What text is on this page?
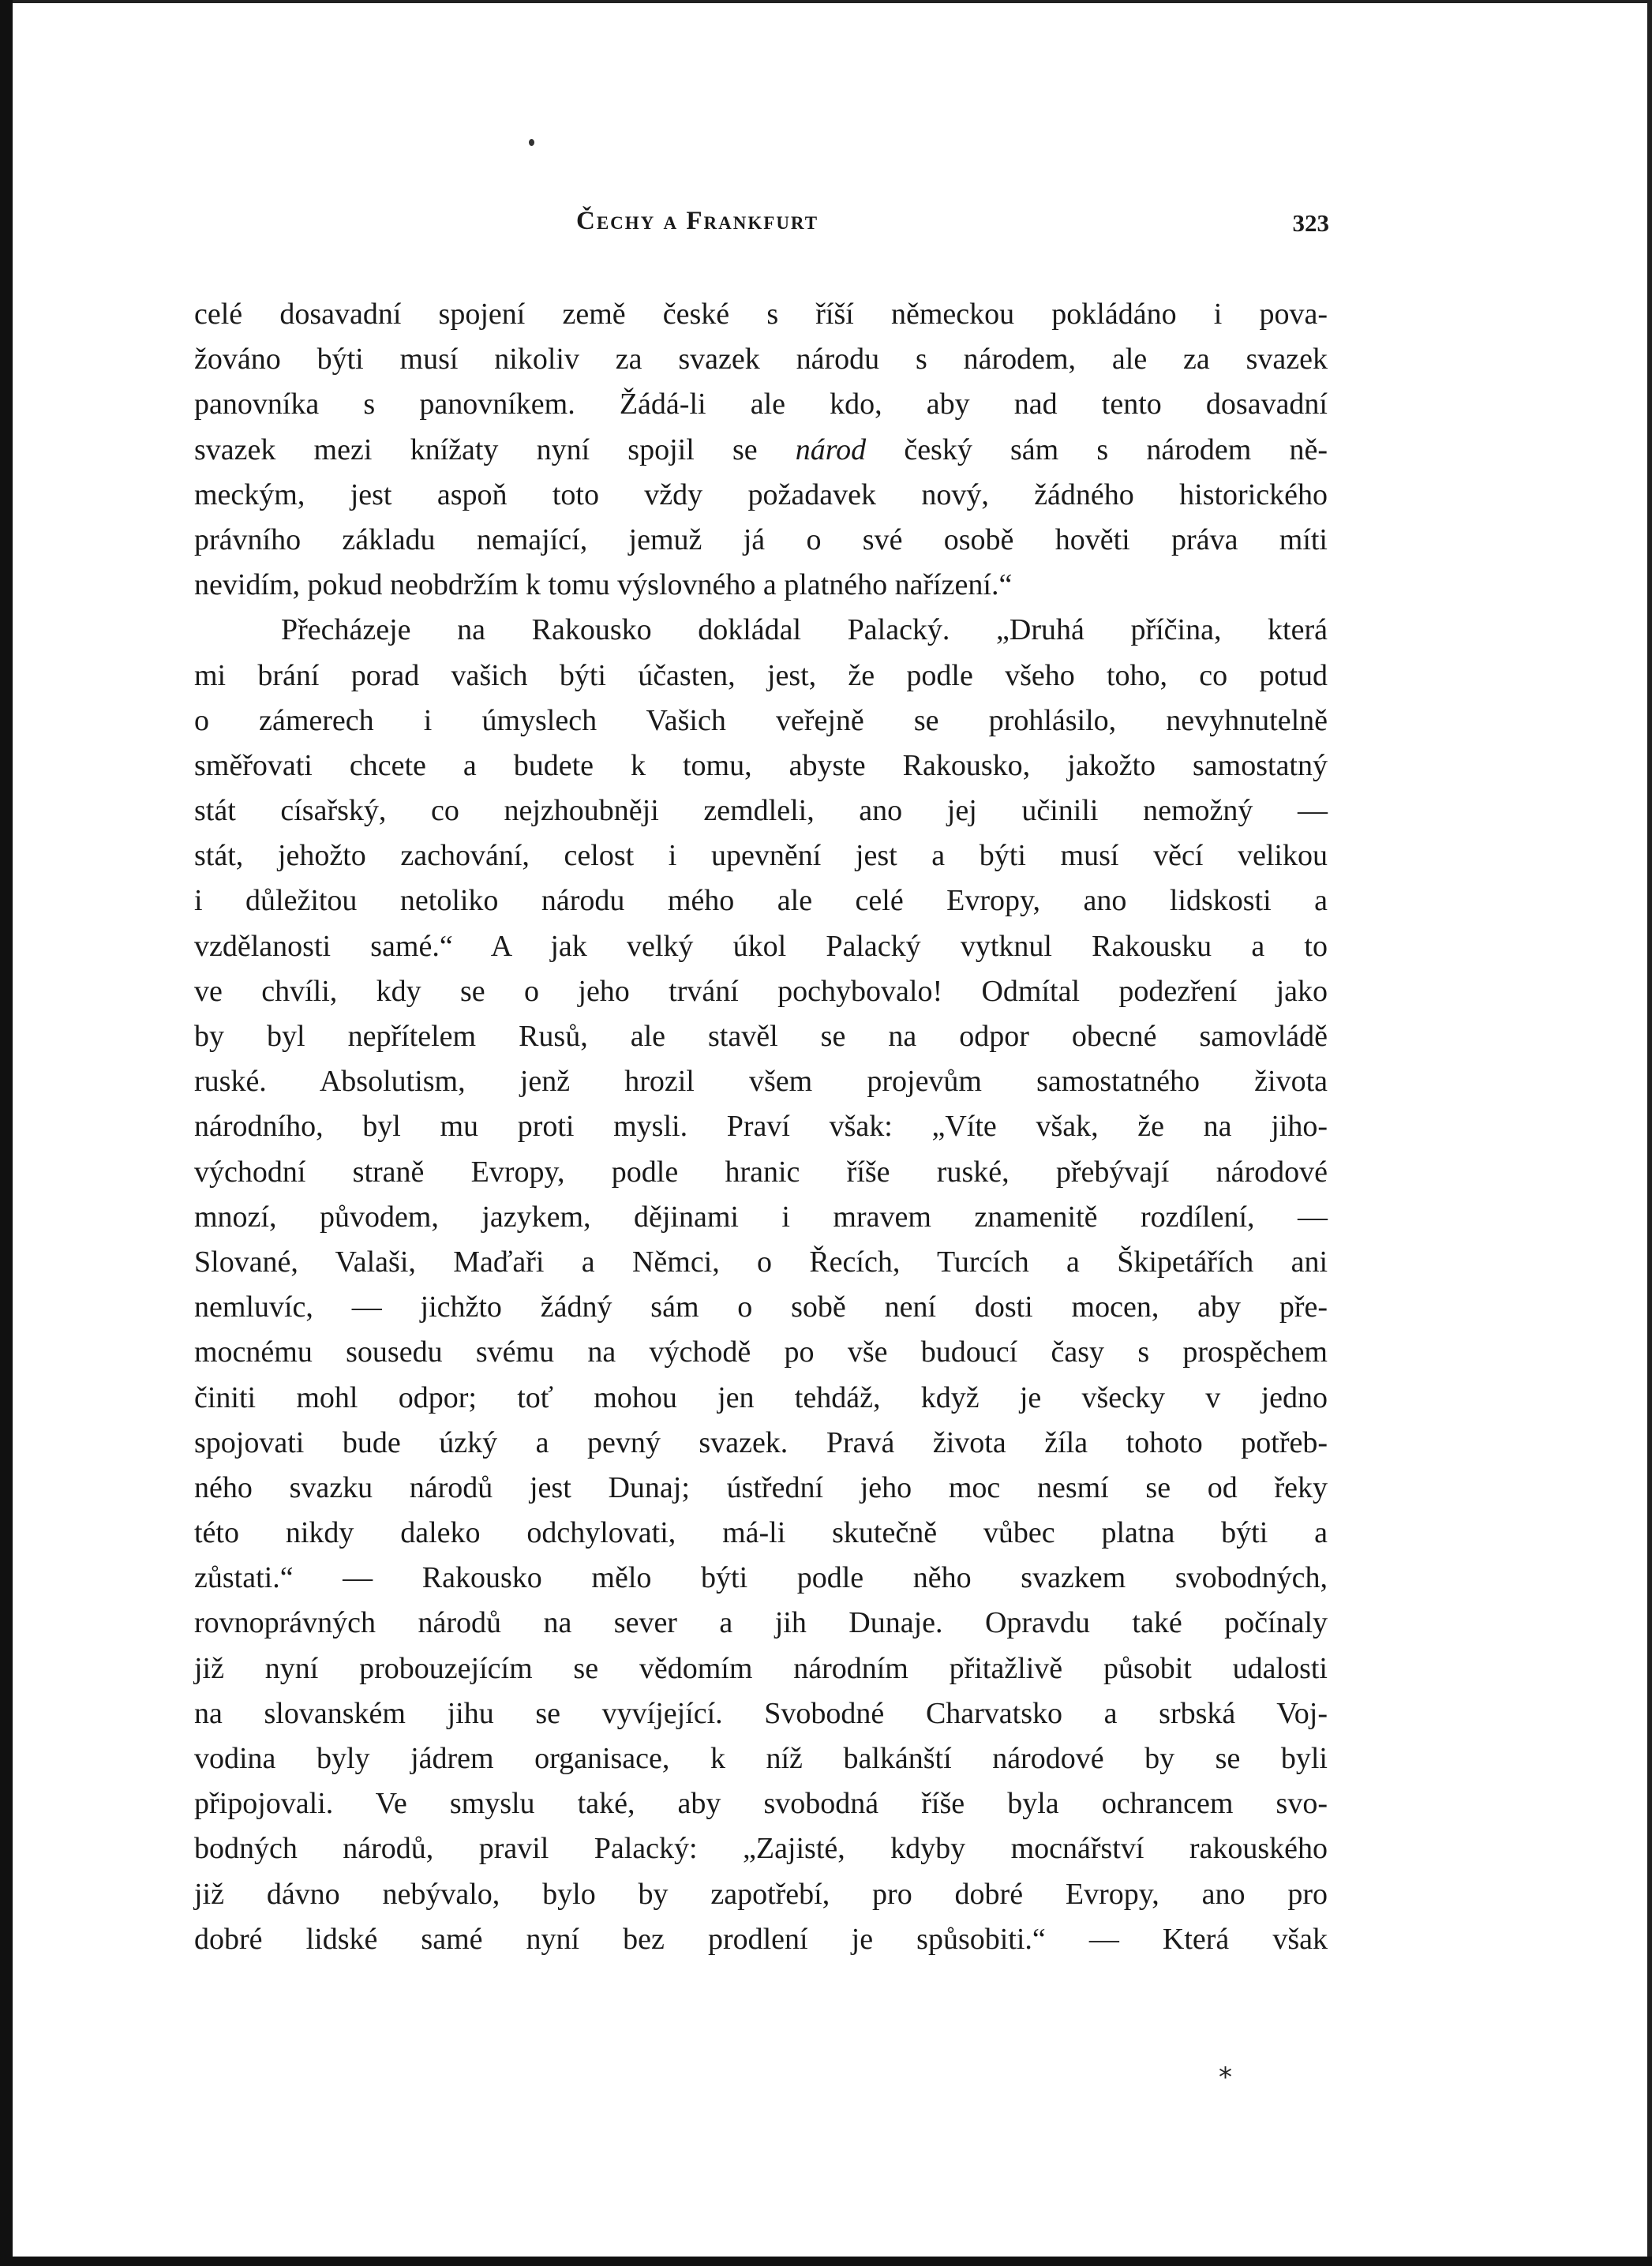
Čechy a Frankfurt	323
celé dosavadní spojení země české s říší německou pokládáno i pova-
žováno býti musí nikoliv za svazek národu s národem, ale za svazek
panovníka s panovníkem. Žádá-li ale kdo, aby nad tento dosavadní
svazek mezi knížaty nyní spojil se národ český sám s národem ně-
meckým, jest aspoň toto vždy požadavek nový, žádného historického
právního základu nemající, jemuž já o své osobě hověti práva míti
nevidím, pokud neobdržím k tomu výslovného a platného nařízení.“
Přecházeje na Rakousko dokládal Palacký. „Druhá příčina, která
mi brání porad vašich býti účasten, jest, že podle všeho toho, co potud
o zámerech i úmyslech Vašich veřejně se prohlásilo, nevyhnutelně
směřovati chcete a budete k tomu, abyste Rakousko, jakožto samostatný
stát císařský, co nejzhoubněji zemdleli, ano jej učinili nemožný —
stát, jehožto zachování, celost i upevnění jest a býti musí věcí velikou
i důležitou netoliko národu mého ale celé Evropy, ano lidskosti a
vzdělanosti samé.“ A jak velký úkol Palacký vytknul Rakousku a to
ve chvíli, kdy se o jeho trvání pochybovalo! Odmítal podezření jako
by byl nepřítelem Rusů, ale stavěl se na odpor obecné samovládě
ruské. Absolutism, jenž hrozil všem projevům samostatného života
národního, byl mu proti mysli. Praví však: „Víte však, že na jiho-
východní straně Evropy, podle hranic říše ruské, přebývají národové
mnozí, původem, jazykem, dějinami i mravem znamenitě rozdílení, —
Slované, Valaši, Maďaři a Němci, o Řecích, Turcích a Škipetářích ani
nemluvíc, — jichžto žádný sám o sobě není dosti mocen, aby pře-
mocnému sousedu svému na východě po vše budoucí časy s prospěchem
činiti mohl odpor; toť mohou jen tehdáž, když je všecky v jedno
spojovati bude úzký a pevný svazek. Pravá života žíla tohoto potřeb-
ného svazku národů jest Dunaj; ústřední jeho moc nesmí se od řeky
této nikdy daleko odchylovati, má-li skutečně vůbec platna býti a
zůstati.“ — Rakousko mělo býti podle něho svazkem svobodných,
rovnoprávných národů na sever a jih Dunaje. Opravdu také počínaly
již nyní probouzejícím se vědomím národním přitažlivě působit udalosti
na slovanském jihu se vyvíjející. Svobodné Charvatsko a srbská Voj-
vodina byly jádrem organisace, k níž balkánští národové by se byli
připojovali. Ve smyslu také, aby svobodná říše byla ochrancem svo-
bodných národů, pravil Palacký: „Zajisté, kdyby mocnářství rakouského
již dávno nebývalo, bylo by zapotřebí, pro dobré Evropy, ano pro
dobré lidské samé nyní bez prodlení je spůsobiti.“ — Která však
*
